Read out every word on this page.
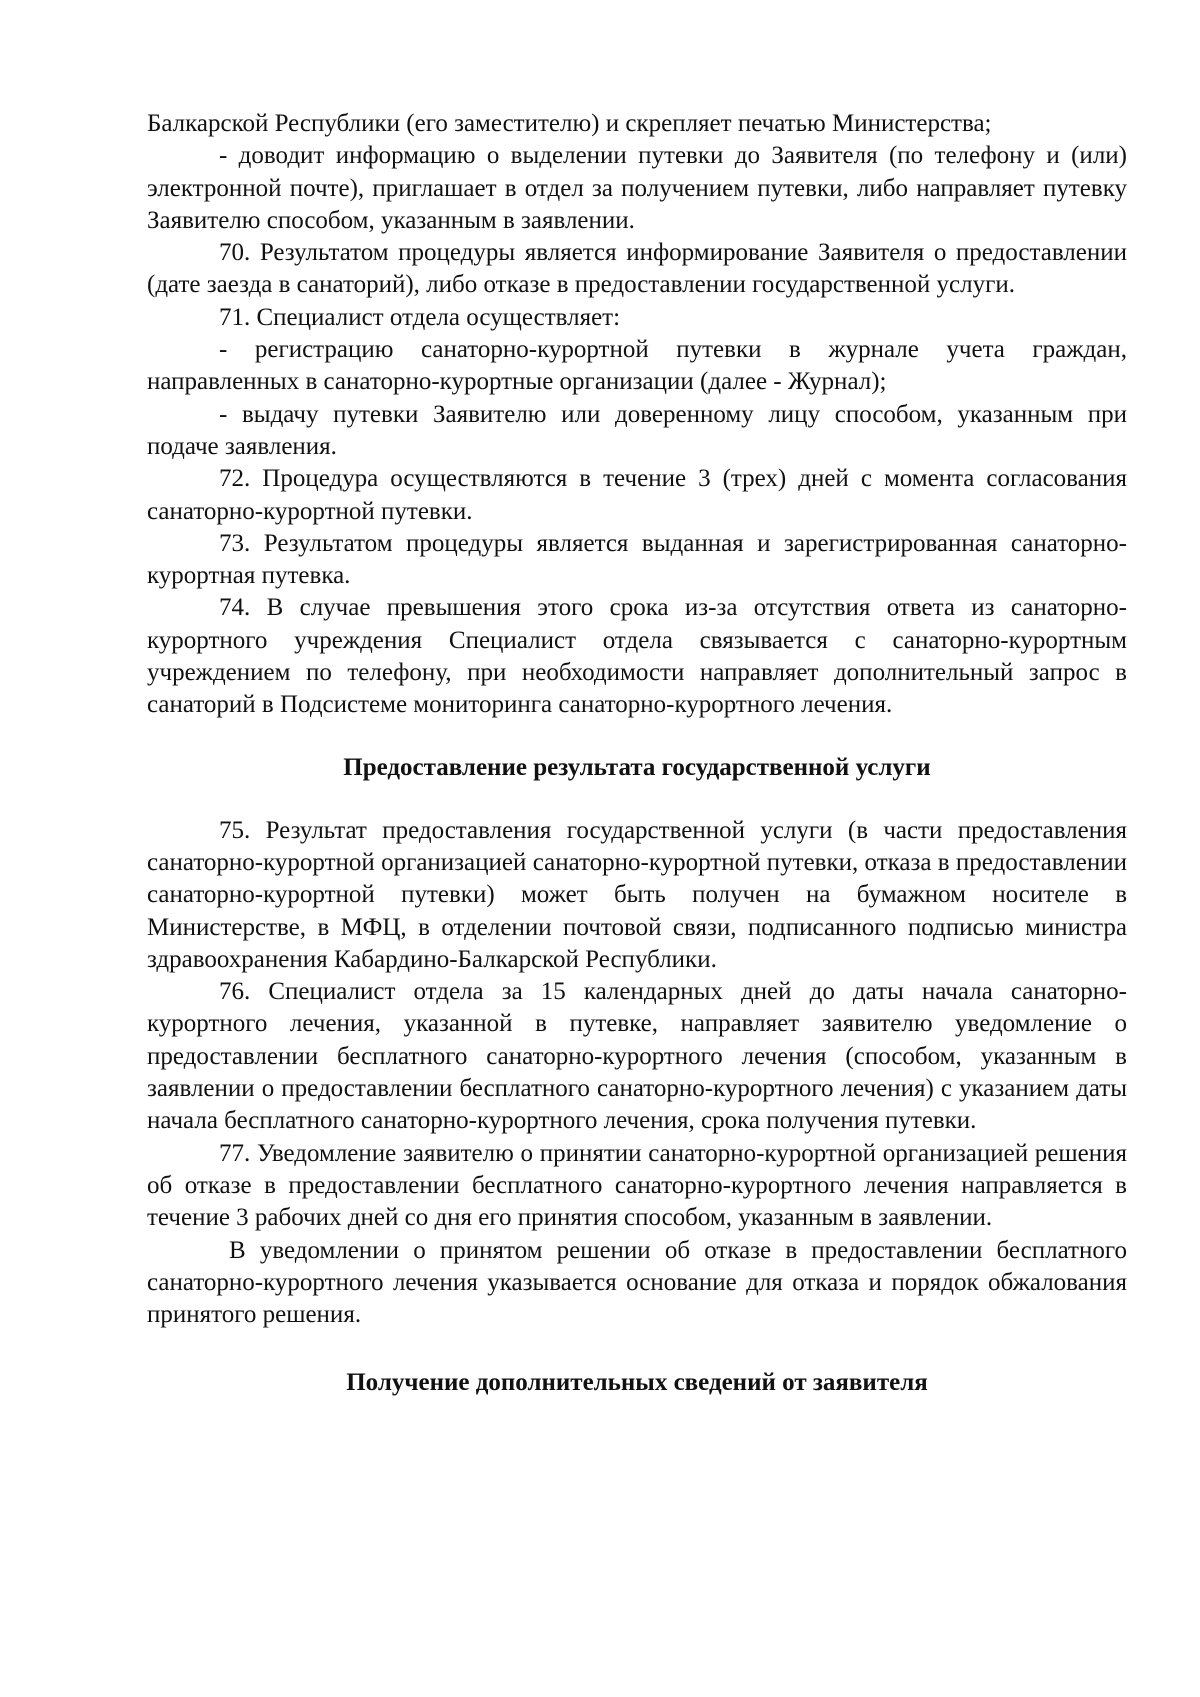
Балкарской Республики (его заместителю) и скрепляет печатью Министерства;

- доводит информацию о выделении путевки до Заявителя (по телефону и (или) электронной почте), приглашает в отдел за получением путевки, либо направляет путевку Заявителю способом, указанным в заявлении.

70. Результатом процедуры является информирование Заявителя о предоставлении (дате заезда в санаторий), либо отказе в предоставлении государственной услуги.

71. Специалист отдела осуществляет:

- регистрацию санаторно-курортной путевки в журнале учета граждан, направленных в санаторно-курортные организации (далее - Журнал);

- выдачу путевки Заявителю или доверенному лицу способом, указанным при подаче заявления.

72. Процедура осуществляются в течение 3 (трех) дней с момента согласования санаторно-курортной путевки.

73. Результатом процедуры является выданная и зарегистрированная санаторно-курортная путевка.

74. В случае превышения этого срока из-за отсутствия ответа из санаторно-курортного учреждения Специалист отдела связывается с санаторно-курортным учреждением по телефону, при необходимости направляет дополнительный запрос в санаторий в Подсистеме мониторинга санаторно-курортного лечения.

Предоставление результата государственной услуги

75. Результат предоставления государственной услуги (в части предоставления санаторно-курортной организацией санаторно-курортной путевки, отказа в предоставлении санаторно-курортной путевки) может быть получен на бумажном носителе в Министерстве, в МФЦ, в отделении почтовой связи, подписанного подписью министра здравоохранения Кабардино-Балкарской Республики.

76. Специалист отдела за 15 календарных дней до даты начала санаторно-курортного лечения, указанной в путевке, направляет заявителю уведомление о предоставлении бесплатного санаторно-курортного лечения (способом, указанным в заявлении о предоставлении бесплатного санаторно-курортного лечения) с указанием даты начала бесплатного санаторно-курортного лечения, срока получения путевки.

77. Уведомление заявителю о принятии санаторно-курортной организацией решения об отказе в предоставлении бесплатного санаторно-курортного лечения направляется в течение 3 рабочих дней со дня его принятия способом, указанным в заявлении.

В уведомлении о принятом решении об отказе в предоставлении бесплатного санаторно-курортного лечения указывается основание для отказа и порядок обжалования принятого решения.

Получение дополнительных сведений от заявителя
